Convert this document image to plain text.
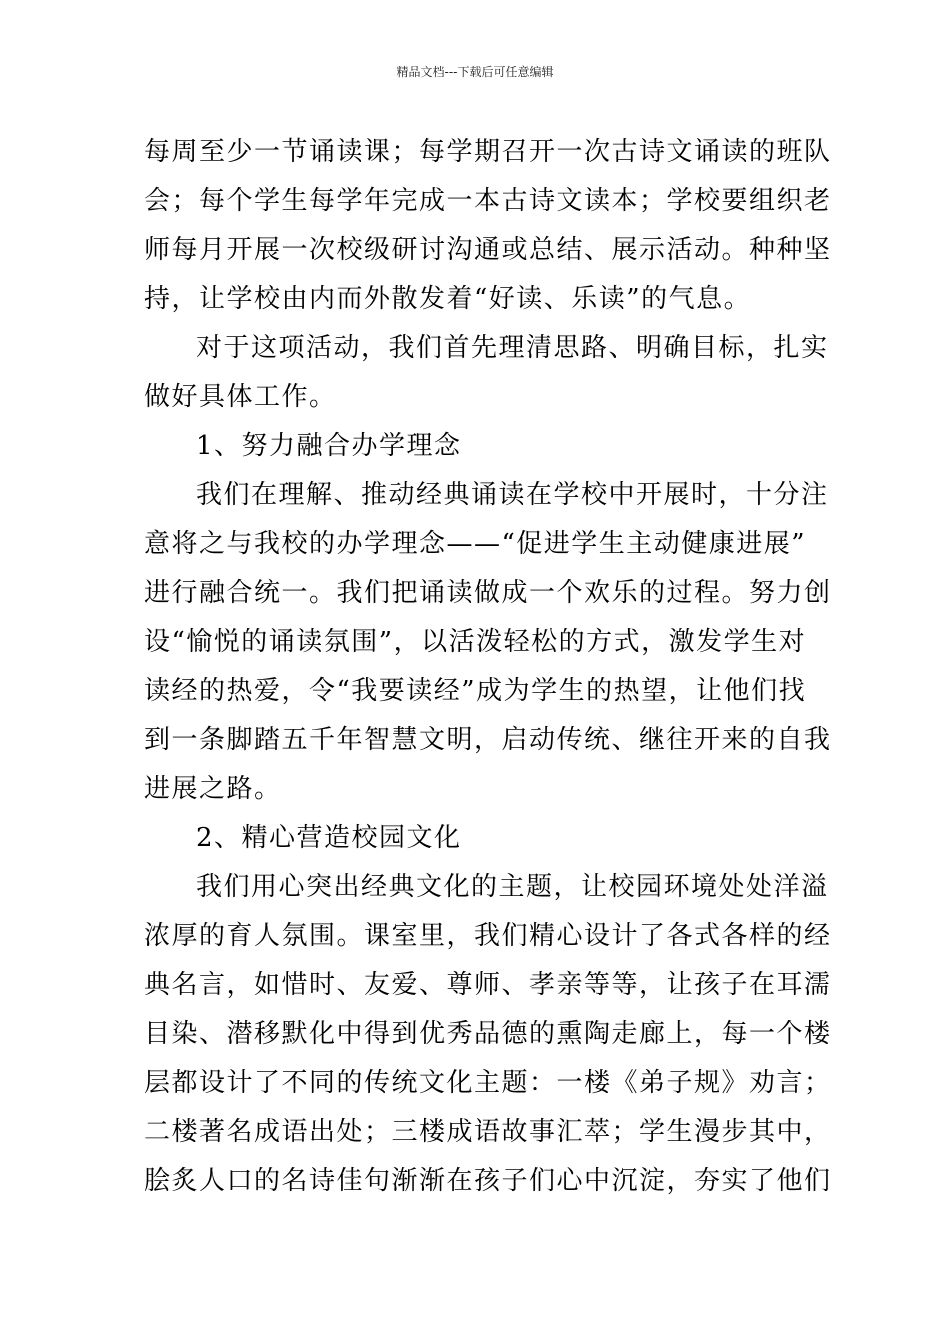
精品文档---下载后可任意编辑
每周至少一节诵读课；每学期召开一次古诗文诵读的班队
会；每个学生每学年完成一本古诗文读本；学校要组织老
师每月开展一次校级研讨沟通或总结、展示活动。种种坚
持，让学校由内而外散发着“好读、乐读”的气息。
对于这项活动，我们首先理清思路、明确目标，扎实
做好具体工作。
1、努力融合办学理念
我们在理解、推动经典诵读在学校中开展时，十分注
意将之与我校的办学理念——“促进学生主动健康进展”
进行融合统一。我们把诵读做成一个欢乐的过程。努力创
设“愉悦的诵读氛围”，以活泼轻松的方式，激发学生对
读经的热爱，令“我要读经”成为学生的热望，让他们找
到一条脚踏五千年智慧文明，启动传统、继往开来的自我
进展之路。
2、精心营造校园文化
我们用心突出经典文化的主题，让校园环境处处洋溢
浓厚的育人氛围。课室里，我们精心设计了各式各样的经
典名言，如惜时、友爱、尊师、孝亲等等，让孩子在耳濡
目染、潜移默化中得到优秀品德的熏陶走廊上，每一个楼
层都设计了不同的传统文化主题：一楼《弟子规》劝言；
二楼著名成语出处；三楼成语故事汇萃；学生漫步其中，
脍炙人口的名诗佳句渐渐在孩子们心中沉淀，夯实了他们
